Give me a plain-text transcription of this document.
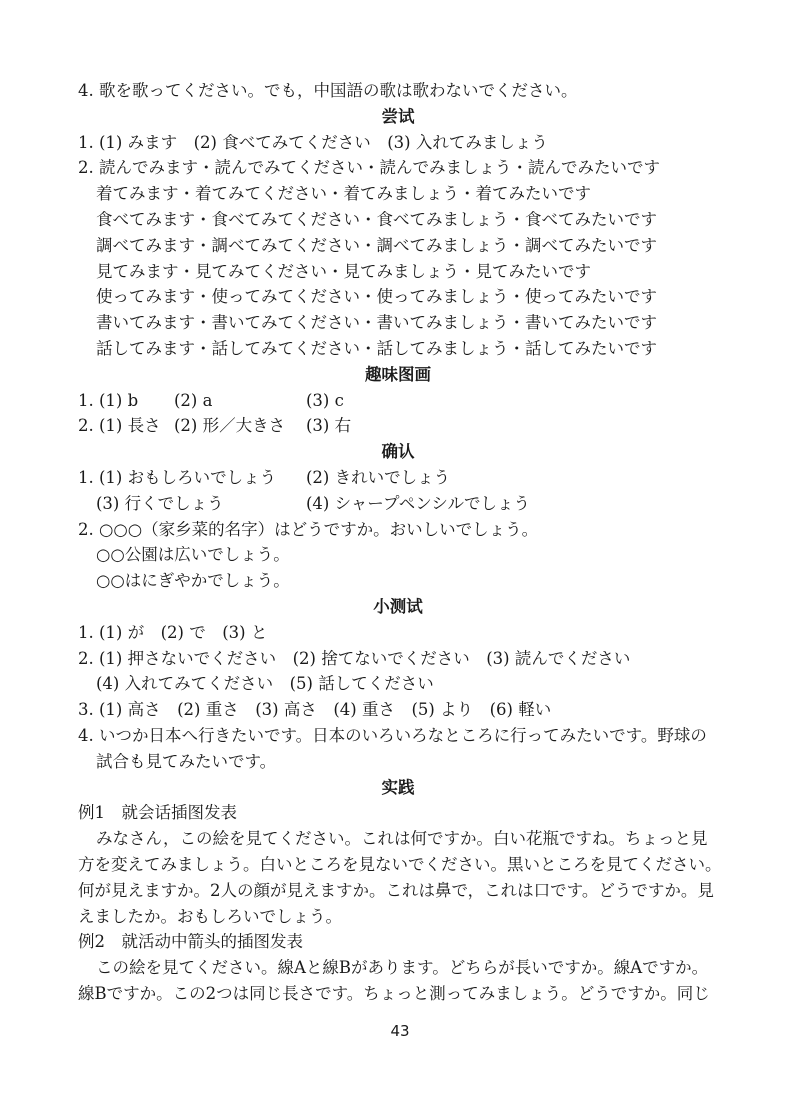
4. 歌を歌ってください。でも，中国語の歌は歌わないでください。
尝试
1. (1) みます　(2) 食べてみてください　(3) 入れてみましょう
2. 読んでみます・読んでみてください・読んでみましょう・読んでみたいです
着てみます・着てみてください・着てみましょう・着てみたいです
食べてみます・食べてみてください・食べてみましょう・食べてみたいです
調べてみます・調べてみてください・調べてみましょう・調べてみたいです
見てみます・見てみてください・見てみましょう・見てみたいです
使ってみます・使ってみてください・使ってみましょう・使ってみたいです
書いてみます・書いてみてください・書いてみましょう・書いてみたいです
話してみます・話してみてください・話してみましょう・話してみたいです
趣味图画
1. (1) b (2) a	(3) c
2. (1) 長さ (2) 形／大きさ (3) 右
确认
1. (1) おもしろいでしょう (2) きれいでしょう
(3) 行くでしょう	(4) シャープペンシルでしょう
2. ○○○（家乡菜的名字）はどうですか。おいしいでしょう。
○○公園は広いでしょう。
○○はにぎやかでしょう。
小测试
1. (1) が　(2) で　(3) と
2. (1) 押さないでください　(2) 捨てないでください　(3) 読んでください
(4) 入れてみてください　(5) 話してください
3. (1) 高さ　(2) 重さ　(3) 高さ　(4) 重さ　(5) より　(6) 軽い
4. いつか日本へ行きたいです。日本のいろいろなところに行ってみたいです。野球の
試合も見てみたいです。
实践
例1　就会话插图发表
みなさん，この絵を見てください。これは何ですか。白い花瓶ですね。ちょっと見
方を変えてみましょう。白いところを見ないでください。黒いところを見てください。
何が見えますか。2人の顔が見えますか。これは鼻で，これは口です。どうですか。見
えましたか。おもしろいでしょう。
例2　就活动中箭头的插图发表
この絵を見てください。線Aと線Bがあります。どちらが長いですか。線Aですか。
線Bですか。この2つは同じ長さです。ちょっと測ってみましょう。どうですか。同じ
43
